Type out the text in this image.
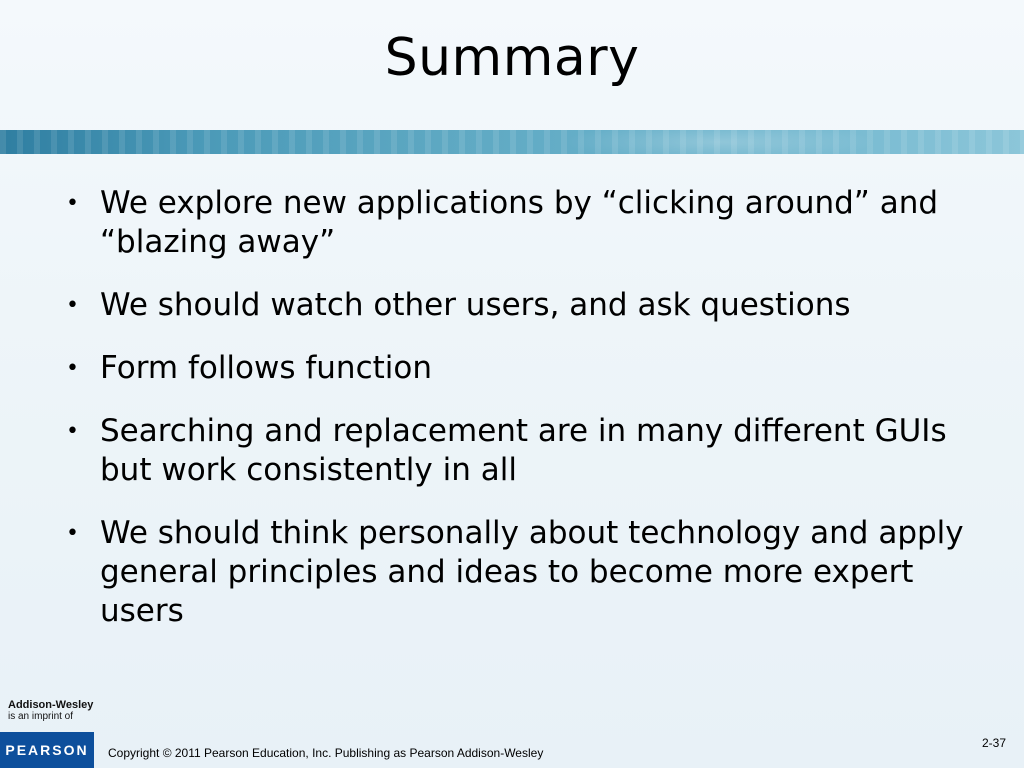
Summary
• We explore new applications by “clicking around” and “blazing away”
• We should watch other users, and ask questions
• Form follows function
• Searching and replacement are in many different GUIs but work consistently in all
• We should think personally about technology and apply general principles and ideas to become more expert users
Addison-Wesley
is an imprint of
PEARSON	Copyright © 2011 Pearson Education, Inc. Publishing as Pearson Addison-Wesley
2-37
